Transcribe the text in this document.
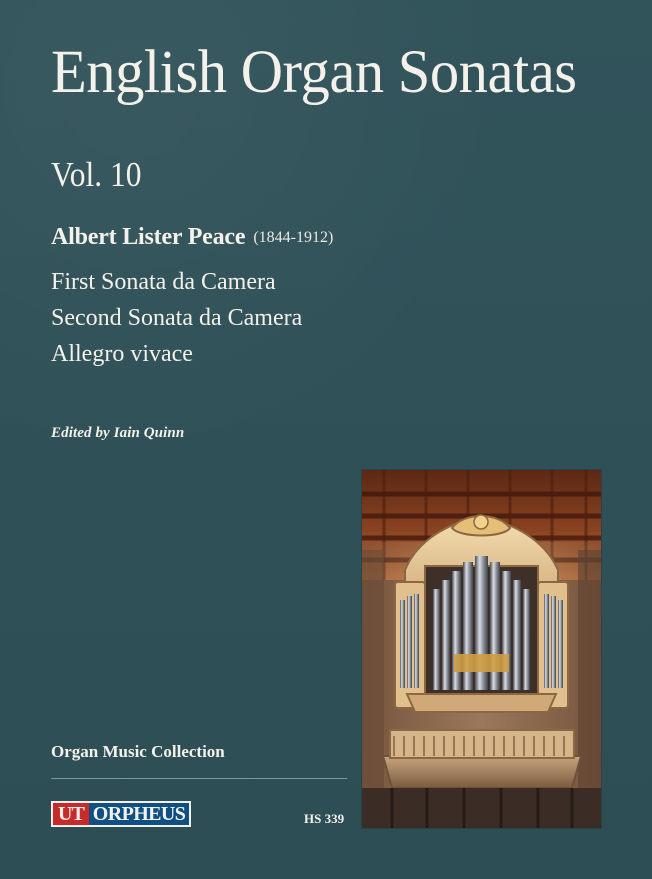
English Organ Sonatas
Vol. 10
Albert Lister Peace (1844-1912)
First Sonata da Camera
Second Sonata da Camera
Allegro vivace
Edited by Iain Quinn
Organ Music Collection
UT ORPHEUS	HS 339
